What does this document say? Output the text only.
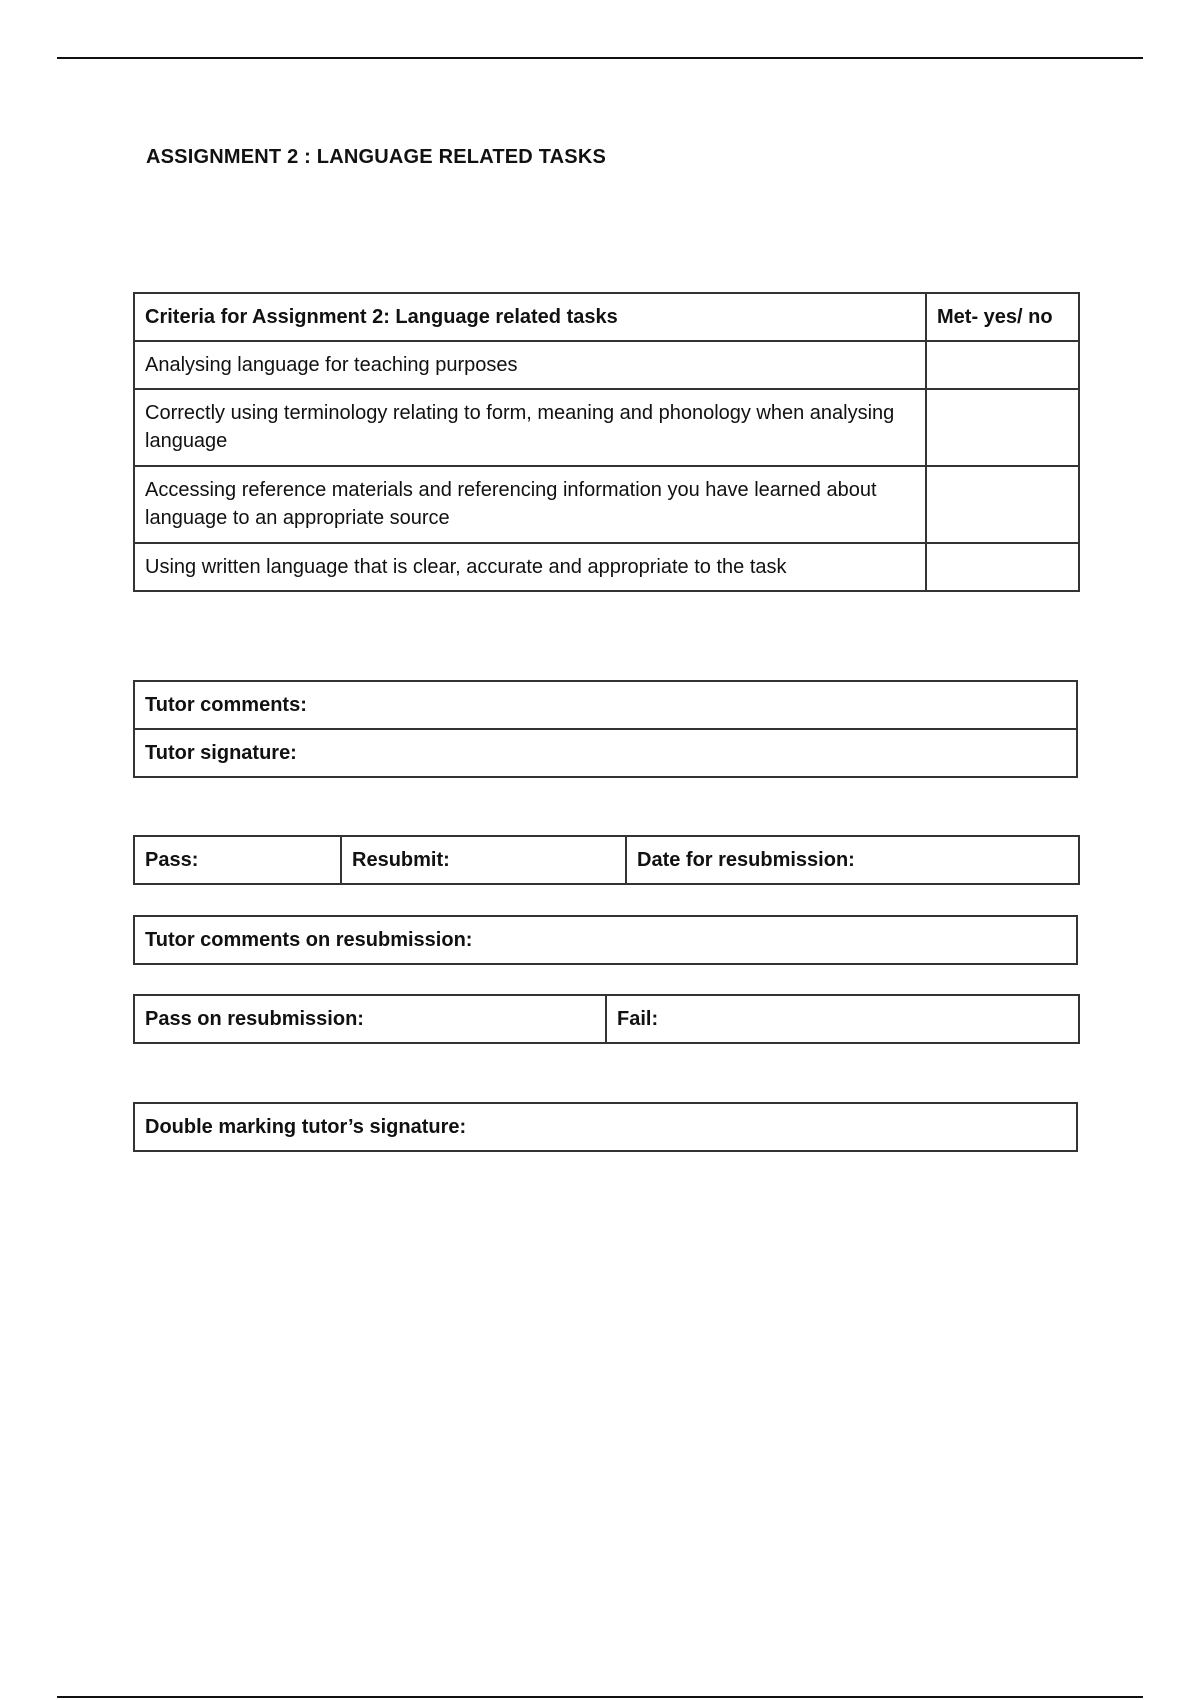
ASSIGNMENT 2 : LANGUAGE RELATED TASKS
Criteria for Assignment 2: Language related tasks	Met- yes/ no
Analysing language for teaching purposes	
Correctly using terminology relating to form, meaning and phonology when analysing language	
Accessing reference materials and referencing information you have learned about language to an appropriate source	
Using written language that is clear, accurate and appropriate to the task	
Tutor comments:
Tutor signature:
Pass:	Resubmit:	Date for resubmission:
Tutor comments on resubmission:
Pass on resubmission:	Fail:
Double marking tutor’s signature:
